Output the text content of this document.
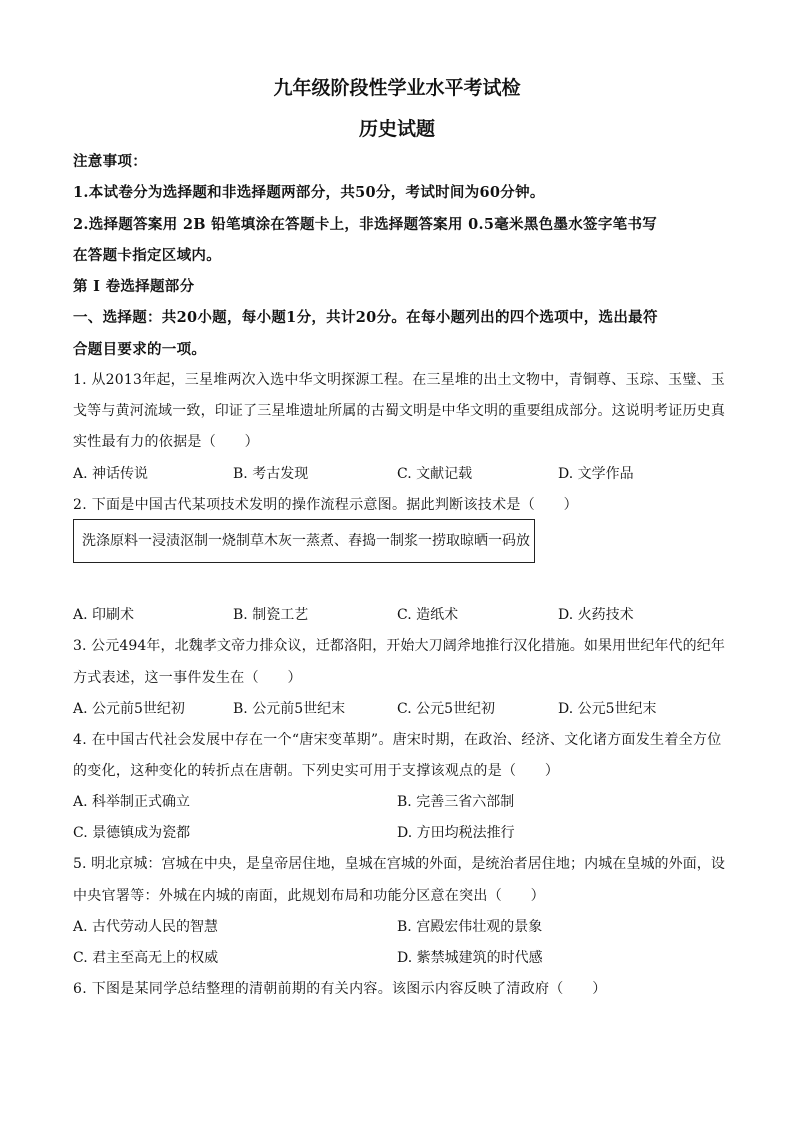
九年级阶段性学业水平考试检
历史试题
注意事项：
1.本试卷分为选择题和非选择题两部分，共50分，考试时间为60分钟。
2.选择题答案用 2B 铅笔填涂在答题卡上，非选择题答案用 0.5毫米黑色墨水签字笔书写
在答题卡指定区域内。
第 I 卷选择题部分
一、选择题：共20小题，每小题1分，共计20分。在每小题列出的四个选项中，选出最符
合题目要求的一项。
1. 从2013年起，三星堆两次入选中华文明探源工程。在三星堆的出土文物中，青铜尊、玉琮、玉璧、玉
戈等与黄河流域一致，印证了三星堆遗址所属的古蜀文明是中华文明的重要组成部分。这说明考证历史真
实性最有力的依据是（　　）
A. 神话传说	B. 考古发现	C. 文献记载	D. 文学作品
2. 下面是中国古代某项技术发明的操作流程示意图。据此判断该技术是（　　）
洗涤原料一浸渍沤制一烧制草木灰一蒸煮、舂捣一制浆一捞取晾晒一码放
A. 印刷术	B. 制瓷工艺	C. 造纸术	D. 火药技术
3. 公元494年，北魏孝文帝力排众议，迁都洛阳，开始大刀阔斧地推行汉化措施。如果用世纪年代的纪年
方式表述，这一事件发生在（　　）
A. 公元前5世纪初	B. 公元前5世纪末	C. 公元5世纪初	D. 公元5世纪末
4. 在中国古代社会发展中存在一个“唐宋变革期”。唐宋时期，在政治、经济、文化诸方面发生着全方位
的变化，这种变化的转折点在唐朝。下列史实可用于支撑该观点的是（　　）
A. 科举制正式确立	B. 完善三省六部制
C. 景德镇成为瓷都	D. 方田均税法推行
5. 明北京城：宫城在中央，是皇帝居住地，皇城在宫城的外面，是统治者居住地；内城在皇城的外面，设
中央官署等：外城在内城的南面，此规划布局和功能分区意在突出（　　）
A. 古代劳动人民的智慧	B. 宫殿宏伟壮观的景象
C. 君主至高无上的权威	D. 紫禁城建筑的时代感
6. 下图是某同学总结整理的清朝前期的有关内容。该图示内容反映了清政府（　　）
